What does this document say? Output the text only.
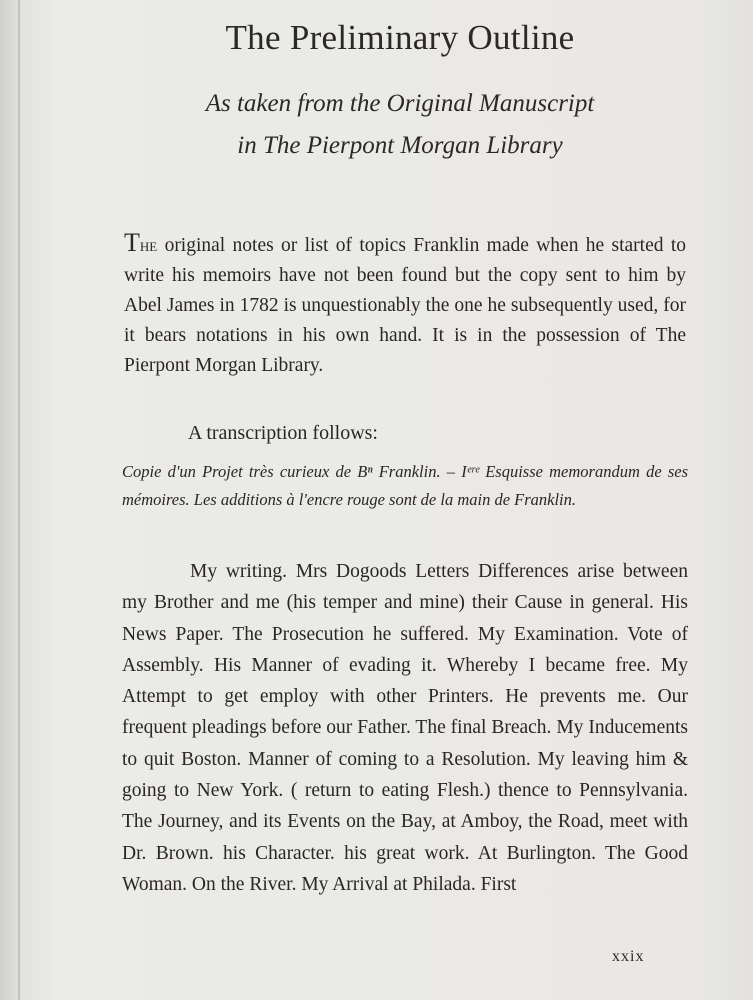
The Preliminary Outline
As taken from the Original Manuscript
in The Pierpont Morgan Library
The original notes or list of topics Franklin made when he started to write his memoirs have not been found but the copy sent to him by Abel James in 1782 is unquestionably the one he subsequently used, for it bears notations in his own hand. It is in the possession of The Pierpont Morgan Library.
A transcription follows:
Copie d'un Projet très curieux de Bⁿ Franklin. – Iᵉʳᵉ Esquisse memorandum de ses mémoires. Les additions à l'encre rouge sont de la main de Franklin.
My writing. Mrs Dogoods Letters Differences arise between my Brother and me (his temper and mine) their Cause in general. His News Paper. The Prosecution he suffered. My Examination. Vote of Assembly. His Manner of evading it. Whereby I became free. My Attempt to get employ with other Printers. He prevents me. Our frequent pleadings before our Father. The final Breach. My Inducements to quit Boston. Manner of coming to a Resolution. My leaving him & going to New York. ( return to eating Flesh.) thence to Pennsylvania. The Journey, and its Events on the Bay, at Amboy, the Road, meet with Dr. Brown. his Character. his great work. At Burlington. The Good Woman. On the River. My Arrival at Philada. First
xxix
